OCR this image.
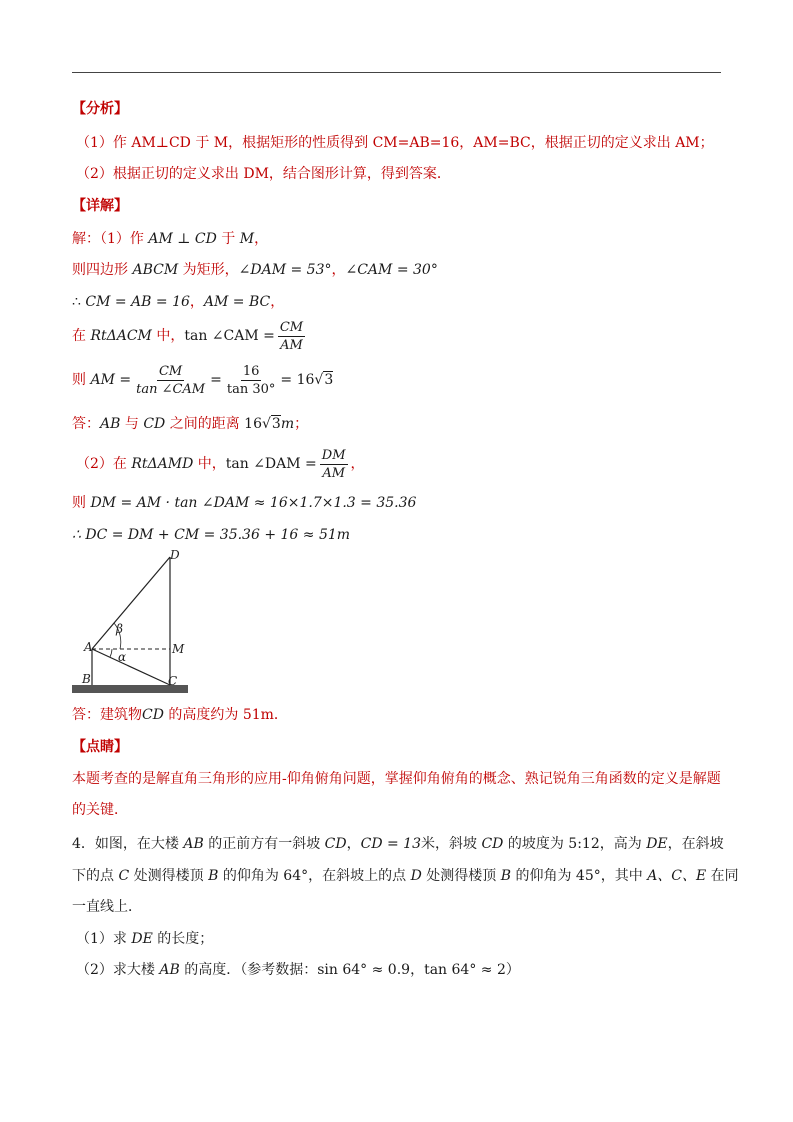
【分析】
（1）作 AM⊥CD 于 M，根据矩形的性质得到 CM=AB=16，AM=BC，根据正切的定义求出 AM；
（2）根据正切的定义求出 DM，结合图形计算，得到答案．
【详解】
解：（1）作 AM ⊥ CD 于 M，
则四边形 ABCM 为矩形，∠DAM = 53°，∠CAM = 30°
∴ CM = AB = 16，AM = BC，
在 RtΔACM 中，tan ∠CAM = $\frac{CM}{AM}$
则 AM = $\frac{CM}{\text{tan ∠CAM}} = \frac{16}{\tan 30^\circ} = 16√3$
答：AB 与 CD 之间的距离 16√3m；
（2）在 RtΔAMD 中，tan ∠DAM = $\frac{DM}{AM}$ ，
则 DM = AM · tan ∠DAM ≈ 16×1.7×1.3 = 35.36
∴ DC = DM + CM = 35.36 + 16 ≈ 51m
D
A	M
B	C
β
α
答：建筑物CD 的高度约为 51m．
【点睛】
本题考查的是解直角三角形的应用-仰角俯角问题，掌握仰角俯角的概念、熟记锐角三角函数的定义是解题
的关键．
4．如图，在大楼 AB 的正前方有一斜坡 CD，CD = 13米，斜坡 CD 的坡度为 5:12，高为 DE，在斜坡
下的点 C 处测得楼顶 B 的仰角为 64°，在斜坡上的点 D 处测得楼顶 B 的仰角为 45°，其中 A、C、E 在同
一直线上．
（1）求 DE 的长度；
（2）求大楼 AB 的高度．（参考数据：sin 64° ≈ 0.9，tan 64° ≈ 2）
